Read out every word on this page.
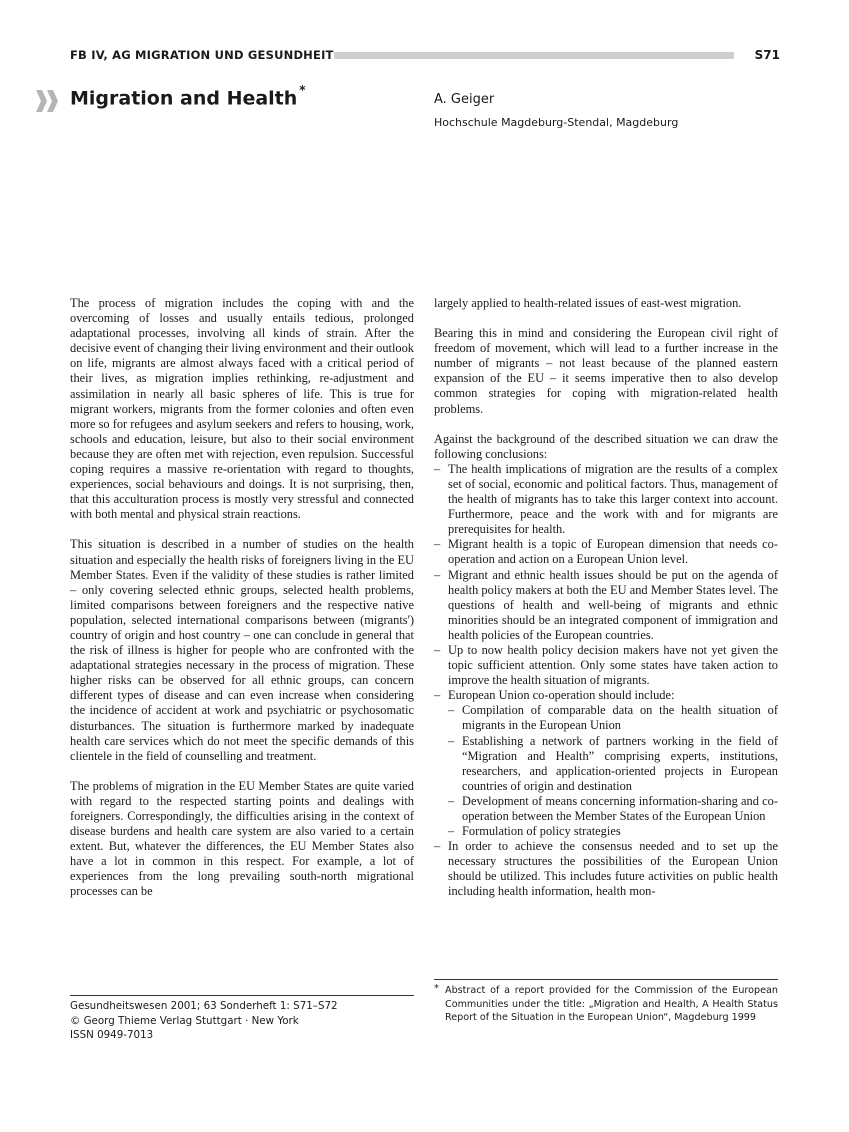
FB IV, AG MIGRATION UND GESUNDHEIT	S71
Migration and Health *
A. Geiger
Hochschule Magdeburg-Stendal, Magdeburg

The process of migration includes the coping with and the overcoming of losses and usually entails tedious, prolonged adaptational processes, involving all kinds of strain. After the decisive event of changing their living environment and their outlook on life, migrants are almost always faced with a critical period of their lives, as migration implies rethinking, re-adjustment and assimilation in nearly all basic spheres of life. This is true for migrant workers, migrants from the former colonies and often even more so for refugees and asylum seekers and refers to housing, work, schools and education, leisure, but also to their social environment because they are often met with rejection, even repulsion. Successful coping requires a massive re-orientation with regard to thoughts, experiences, social behaviours and doings. It is not surprising, then, that this acculturation process is mostly very stressful and connected with both mental and physical strain reactions.

This situation is described in a number of studies on the health situation and especially the health risks of foreigners living in the EU Member States. Even if the validity of these studies is rather limited – only covering selected ethnic groups, selected health problems, limited comparisons between foreigners and the respective native population, selected international comparisons between (migrants') country of origin and host country – one can conclude in general that the risk of illness is higher for people who are confronted with the adaptational strategies necessary in the process of migration. These higher risks can be observed for all ethnic groups, can concern different types of disease and can even increase when considering the incidence of accident at work and psychiatric or psychosomatic disturbances. The situation is furthermore marked by inadequate health care services which do not meet the specific demands of this clientele in the field of counselling and treatment.

The problems of migration in the EU Member States are quite varied with regard to the respected starting points and dealings with foreigners. Correspondingly, the difficulties arising in the context of disease burdens and health care system are also varied to a certain extent. But, whatever the differences, the EU Member States also have a lot in common in this respect. For example, a lot of experiences from the long prevailing south-north migrational processes can be

largely applied to health-related issues of east-west migration.

Bearing this in mind and considering the European civil right of freedom of movement, which will lead to a further increase in the number of migrants – not least because of the planned eastern expansion of the EU – it seems imperative then to also develop common strategies for coping with migration-related health problems.

Against the background of the described situation we can draw the following conclusions:

– The health implications of migration are the results of a complex set of social, economic and political factors. Thus, management of the health of migrants has to take this larger context into account. Furthermore, peace and the work with and for migrants are prerequisites for health.
– Migrant health is a topic of European dimension that needs co-operation and action on a European Union level.
– Migrant and ethnic health issues should be put on the agenda of health policy makers at both the EU and Member States level. The questions of health and well-being of migrants and ethnic minorities should be an integrated component of immigration and health policies of the European countries.
– Up to now health policy decision makers have not yet given the topic sufficient attention. Only some states have taken action to improve the health situation of migrants.
– European Union co-operation should include:
– Compilation of comparable data on the health situation of migrants in the European Union
– Establishing a network of partners working in the field of “Migration and Health” comprising experts, institutions, researchers, and application-oriented projects in European countries of origin and destination
– Development of means concerning information-sharing and co-operation between the Member States of the European Union
– Formulation of policy strategies
– In order to achieve the consensus needed and to set up the necessary structures the possibilities of the European Union should be utilized. This includes future activities on public health including health information, health mon-
Gesundheitswesen 2001; 63 Sonderheft 1: S71–S72
© Georg Thieme Verlag Stuttgart · New York
ISSN 0949-7013
* Abstract of a report provided for the Commission of the European Communities under the title: „Migration and Health, A Health Status Report of the Situation in the European Union“, Magdeburg 1999
